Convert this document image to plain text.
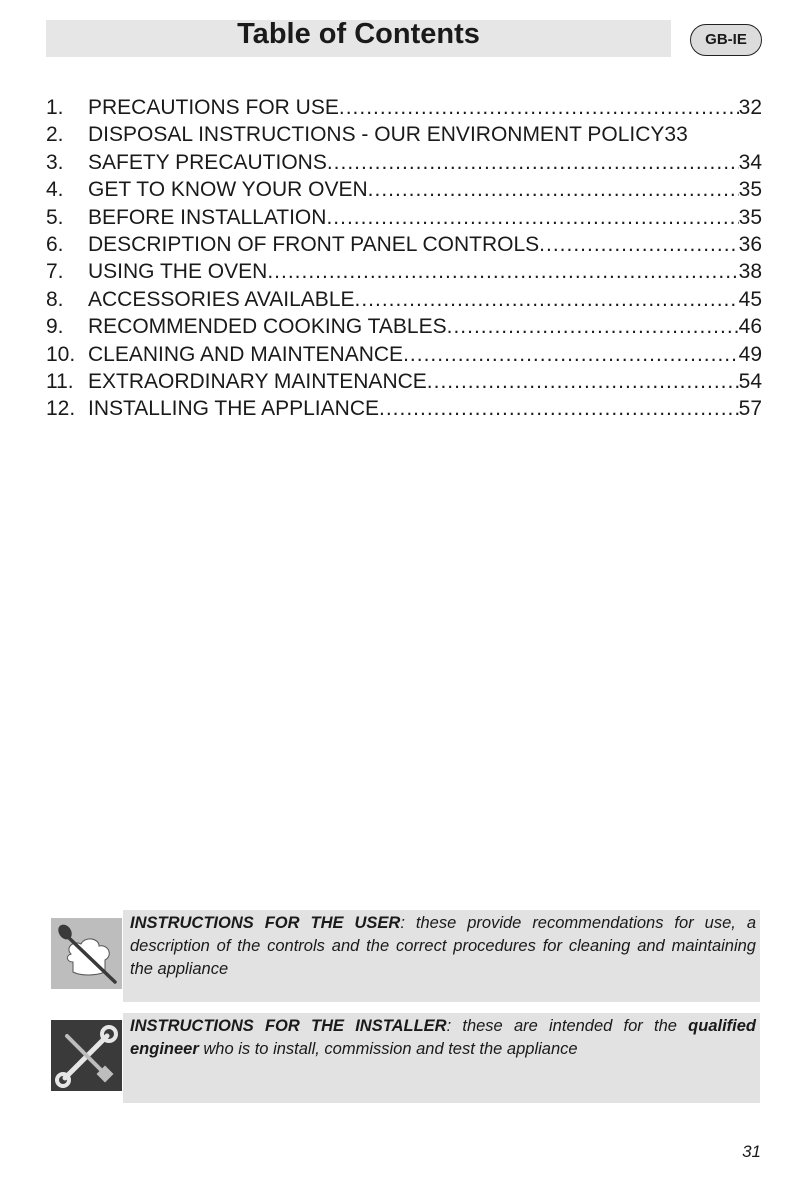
Table of Contents	GB-IE
1.	PRECAUTIONS FOR USE .....	32
2.	DISPOSAL INSTRUCTIONS - OUR ENVIRONMENT POLICY 33
3.	SAFETY PRECAUTIONS .....	34
4.	GET TO KNOW YOUR OVEN .....	35
5.	BEFORE INSTALLATION .....	35
6.	DESCRIPTION OF FRONT PANEL CONTROLS .....	36
7.	USING THE OVEN .....	38
8.	ACCESSORIES AVAILABLE .....	45
9.	RECOMMENDED COOKING TABLES .....	46
10. CLEANING AND MAINTENANCE .....	49
11. EXTRAORDINARY MAINTENANCE .....	54
12. INSTALLING THE APPLIANCE .....	57
INSTRUCTIONS FOR THE USER: these provide recommendations for use, a description of the controls and the correct procedures for cleaning and maintaining the appliance
INSTRUCTIONS FOR THE INSTALLER: these are intended for the qualified engineer who is to install, commission and test the appliance
31
